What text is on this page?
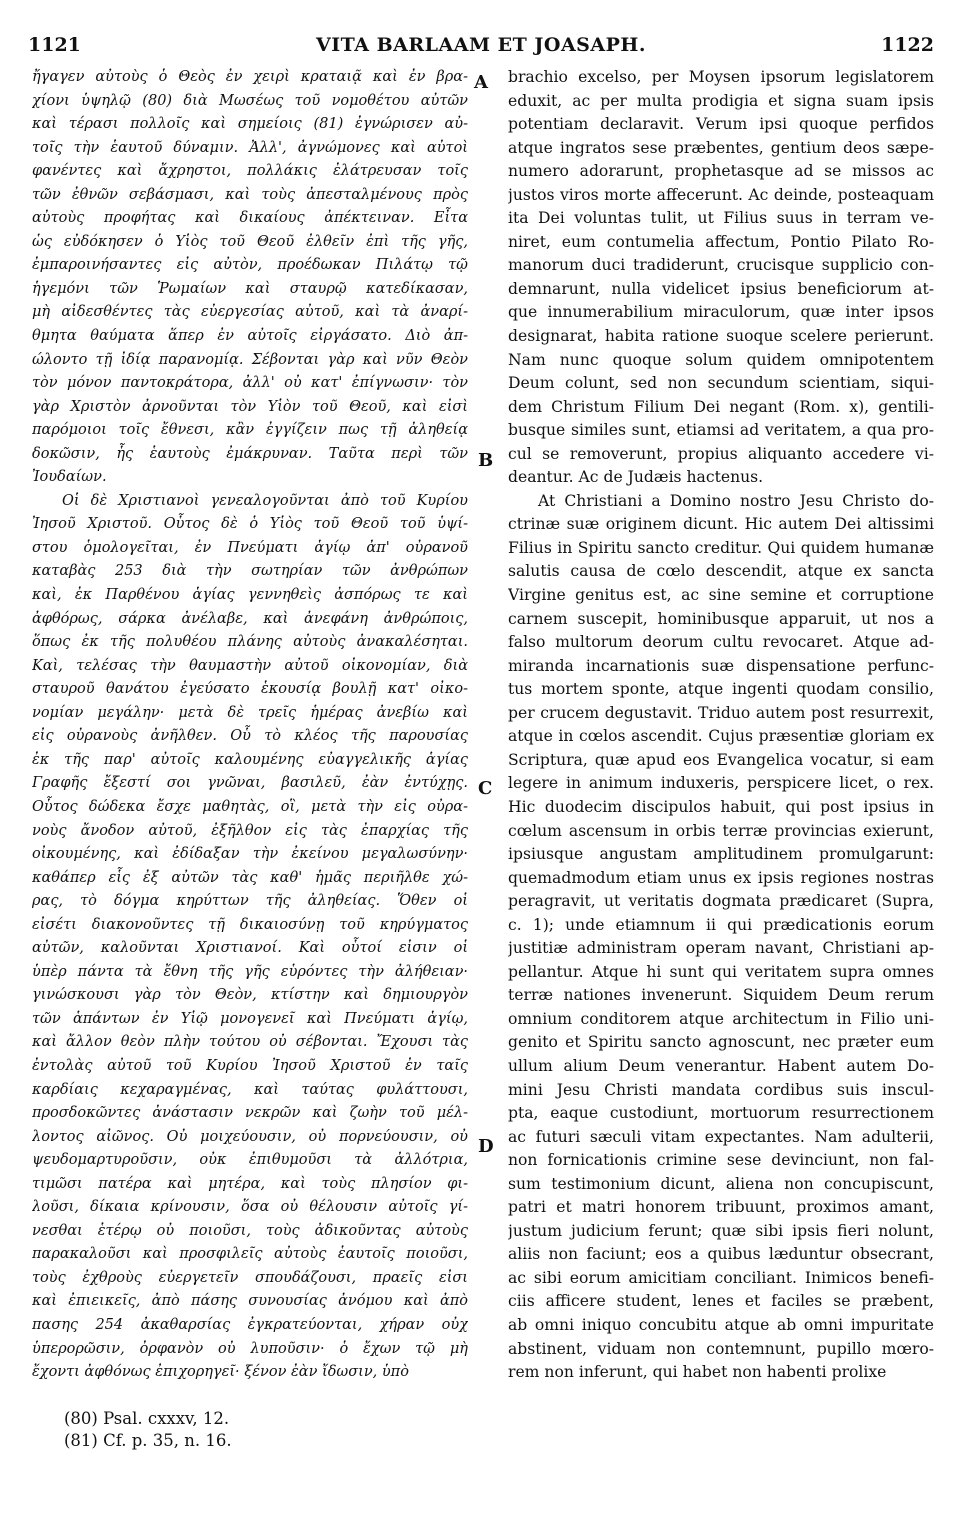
1121	VITA BARLAAM ET JOASAPH.	1122
ἤγαγεν αὐτοὺς ὁ Θεὸς ἐν χειρὶ κραταιᾷ καὶ ἐν βρα-
χίονι ὑψηλῷ (80) διὰ Μωσέως τοῦ νομοθέτου αὐτῶν
καὶ τέρασι πολλοῖς καὶ σημείοις (81) ἐγνώρισεν αὐ-
τοῖς τὴν ἑαυτοῦ δύναμιν. Ἀλλ', ἀγνώμονες καὶ αὐτοὶ
φανέντες καὶ ἄχρηστοι, πολλάκις ἐλάτρευσαν τοῖς
τῶν ἐθνῶν σεβάσμασι, καὶ τοὺς ἀπεσταλμένους πρὸς
αὐτοὺς προφήτας καὶ δικαίους ἀπέκτειναν. Εἶτα
ὡς εὐδόκησεν ὁ Υἱὸς τοῦ Θεοῦ ἐλθεῖν ἐπὶ τῆς γῆς,
ἐμπαροινήσαντες εἰς αὐτὸν, προέδωκαν Πιλάτῳ τῷ
ἡγεμόνι τῶν Ῥωμαίων καὶ σταυρῷ κατεδίκασαν,
μὴ αἰδεσθέντες τὰς εὐεργεσίας αὐτοῦ, καὶ τὰ ἀναρί-
θμητα θαύματα ἅπερ ἐν αὐτοῖς εἰργάσατο. Διὸ ἀπ-
ώλοντο τῇ ἰδίᾳ παρανομίᾳ. Σέβονται γὰρ καὶ νῦν Θεὸν
τὸν μόνον παντοκράτορα, ἀλλ' οὐ κατ' ἐπίγνωσιν· τὸν
γὰρ Χριστὸν ἀρνοῦνται τὸν Υἱὸν τοῦ Θεοῦ, καὶ εἰσὶ
παρόμοιοι τοῖς ἔθνεσι, κἂν ἐγγίζειν πως τῇ ἀληθείᾳ
δοκῶσιν, ἧς ἑαυτοὺς ἐμάκρυναν. Ταῦτα περὶ τῶν
Ἰουδαίων.
Οἱ δὲ Χριστιανοὶ γενεαλογοῦνται ἀπὸ τοῦ Κυρίου
Ἰησοῦ Χριστοῦ. Οὗτος δὲ ὁ Υἱὸς τοῦ Θεοῦ τοῦ ὑψί-
στου ὁμολογεῖται, ἐν Πνεύματι ἁγίῳ ἀπ' οὐρανοῦ
καταβὰς 253 διὰ τὴν σωτηρίαν τῶν ἀνθρώπων
καὶ, ἐκ Παρθένου ἁγίας γεννηθεὶς ἀσπόρως τε καὶ
ἀφθόρως, σάρκα ἀνέλαβε, καὶ ἀνεφάνη ἀνθρώποις,
ὅπως ἐκ τῆς πολυθέου πλάνης αὐτοὺς ἀνακαλέσηται.
Καὶ, τελέσας τὴν θαυμαστὴν αὐτοῦ οἰκονομίαν, διὰ
σταυροῦ θανάτου ἐγεύσατο ἑκουσίᾳ βουλῇ κατ' οἰκο-
νομίαν μεγάλην· μετὰ δὲ τρεῖς ἡμέρας ἀνεβίω καὶ
εἰς οὐρανοὺς ἀνῆλθεν. Οὗ τὸ κλέος τῆς παρουσίας
ἐκ τῆς παρ' αὐτοῖς καλουμένης εὐαγγελικῆς ἁγίας
Γραφῆς ἔξεστί σοι γνῶναι, βασιλεῦ, ἐὰν ἐντύχῃς.
Οὗτος δώδεκα ἔσχε μαθητὰς, οἳ, μετὰ τὴν εἰς οὐρα-
νοὺς ἄνοδον αὐτοῦ, ἐξῆλθον εἰς τὰς ἐπαρχίας τῆς
οἰκουμένης, καὶ ἐδίδαξαν τὴν ἐκείνου μεγαλωσύνην·
καθάπερ εἷς ἐξ αὐτῶν τὰς καθ' ἡμᾶς περιῆλθε χώ-
ρας, τὸ δόγμα κηρύττων τῆς ἀληθείας. Ὅθεν οἱ
εἰσέτι διακονοῦντες τῇ δικαιοσύνῃ τοῦ κηρύγματος
αὐτῶν, καλοῦνται Χριστιανοί. Καὶ οὗτοί εἰσιν οἱ
ὑπὲρ πάντα τὰ ἔθνη τῆς γῆς εὑρόντες τὴν ἀλήθειαν·
γινώσκουσι γὰρ τὸν Θεὸν, κτίστην καὶ δημιουργὸν
τῶν ἁπάντων ἐν Υἱῷ μονογενεῖ καὶ Πνεύματι ἁγίῳ,
καὶ ἄλλον θεὸν πλὴν τούτου οὐ σέβονται. Ἔχουσι τὰς
ἐντολὰς αὐτοῦ τοῦ Κυρίου Ἰησοῦ Χριστοῦ ἐν ταῖς
καρδίαις κεχαραγμένας, καὶ ταύτας φυλάττουσι,
προσδοκῶντες ἀνάστασιν νεκρῶν καὶ ζωὴν τοῦ μέλ-
λοντος αἰῶνος. Οὐ μοιχεύουσιν, οὐ πορνεύουσιν, οὐ
ψευδομαρτυροῦσιν, οὐκ ἐπιθυμοῦσι τὰ ἀλλότρια,
τιμῶσι πατέρα καὶ μητέρα, καὶ τοὺς πλησίον φι-
λοῦσι, δίκαια κρίνουσιν, ὅσα οὐ θέλουσιν αὐτοῖς γί-
νεσθαι ἑτέρῳ οὐ ποιοῦσι, τοὺς ἀδικοῦντας αὐτοὺς
παρακαλοῦσι καὶ προσφιλεῖς αὐτοὺς ἑαυτοῖς ποιοῦσι,
τοὺς ἐχθροὺς εὐεργετεῖν σπουδάζουσι, πραεῖς εἰσι
καὶ ἐπιεικεῖς, ἀπὸ πάσης συνουσίας ἀνόμου καὶ ἀπὸ
πασης 254 ἀκαθαρσίας ἐγκρατεύονται, χήραν οὐχ
ὑπερορῶσιν, ὀρφανὸν οὐ λυποῦσιν· ὁ ἔχων τῷ μὴ
ἔχοντι ἀφθόνως ἐπιχορηγεῖ· ξένον ἐὰν ἴδωσιν, ὑπὸ
brachio excelso, per Moysen ipsorum legislatorem
eduxit, ac per multa prodigia et signa suam ipsis
potentiam declaravit. Verum ipsi quoque perfidos
atque ingratos sese præbentes, gentium deos sæpe-
numero adorarunt, prophetasque ad se missos ac
justos viros morte affecerunt. Ac deinde, posteaquam
ita Dei voluntas tulit, ut Filius suus in terram ve-
niret, eum contumelia affectum, Pontio Pilato Ro-
manorum duci tradiderunt, crucisque supplicio con-
demnarunt, nulla videlicet ipsius beneficiorum at-
que innumerabilium miraculorum, quæ inter ipsos
designarat, habita ratione suoque scelere perierunt.
Nam nunc quoque solum quidem omnipotentem
Deum colunt, sed non secundum scientiam, siqui-
dem Christum Filium Dei negant (Rom. x), gentili-
busque similes sunt, etiamsi ad veritatem, a qua pro-
cul se removerunt, propius aliquanto accedere vi-
deantur. Ac de Judæis hactenus.
At Christiani a Domino nostro Jesu Christo do-
ctrinæ suæ originem dicunt. Hic autem Dei altissimi
Filius in Spiritu sancto creditur. Qui quidem humanæ
salutis causa de cœlo descendit, atque ex sancta
Virgine genitus est, ac sine semine et corruptione
carnem suscepit, hominibusque apparuit, ut nos a
falso multorum deorum cultu revocaret. Atque ad-
miranda incarnationis suæ dispensatione perfunc-
tus mortem sponte, atque ingenti quodam consilio,
per crucem degustavit. Triduo autem post resurrexit,
atque in cœlos ascendit. Cujus præsentiæ gloriam ex
Scriptura, quæ apud eos Evangelica vocatur, si eam
legere in animum induxeris, perspicere licet, o rex.
Hic duodecim discipulos habuit, qui post ipsius in
cœlum ascensum in orbis terræ provincias exierunt,
ipsiusque angustam amplitudinem promulgarunt:
quemadmodum etiam unus ex ipsis regiones nostras
peragravit, ut veritatis dogmata prædicaret (Supra,
c. 1); unde etiamnum ii qui prædicationis eorum
justitiæ administram operam navant, Christiani ap-
pellantur. Atque hi sunt qui veritatem supra omnes
terræ nationes invenerunt. Siquidem Deum rerum
omnium conditorem atque architectum in Filio uni-
genito et Spiritu sancto agnoscunt, nec præter eum
ullum alium Deum venerantur. Habent autem Do-
mini Jesu Christi mandata cordibus suis inscul-
pta, eaque custodiunt, mortuorum resurrectionem
ac futuri sæculi vitam expectantes. Nam adulterii,
non fornicationis crimine sese devinciunt, non fal-
sum testimonium dicunt, aliena non concupiscunt,
patri et matri honorem tribuunt, proximos amant,
justum judicium ferunt; quæ sibi ipsis fieri nolunt,
aliis non faciunt; eos a quibus læduntur obsecrant,
ac sibi eorum amicitiam conciliant. Inimicos benefi-
ciis afficere student, lenes et faciles se præbent,
ab omni iniquo concubitu atque ab omni impuritate
abstinent, viduam non contemnunt, pupillo mœro-
rem non inferunt, qui habet non habenti prolixe
A
B
C
D
(80) Psal. cxxxv, 12.
(81) Cf. p. 35, n. 16.
